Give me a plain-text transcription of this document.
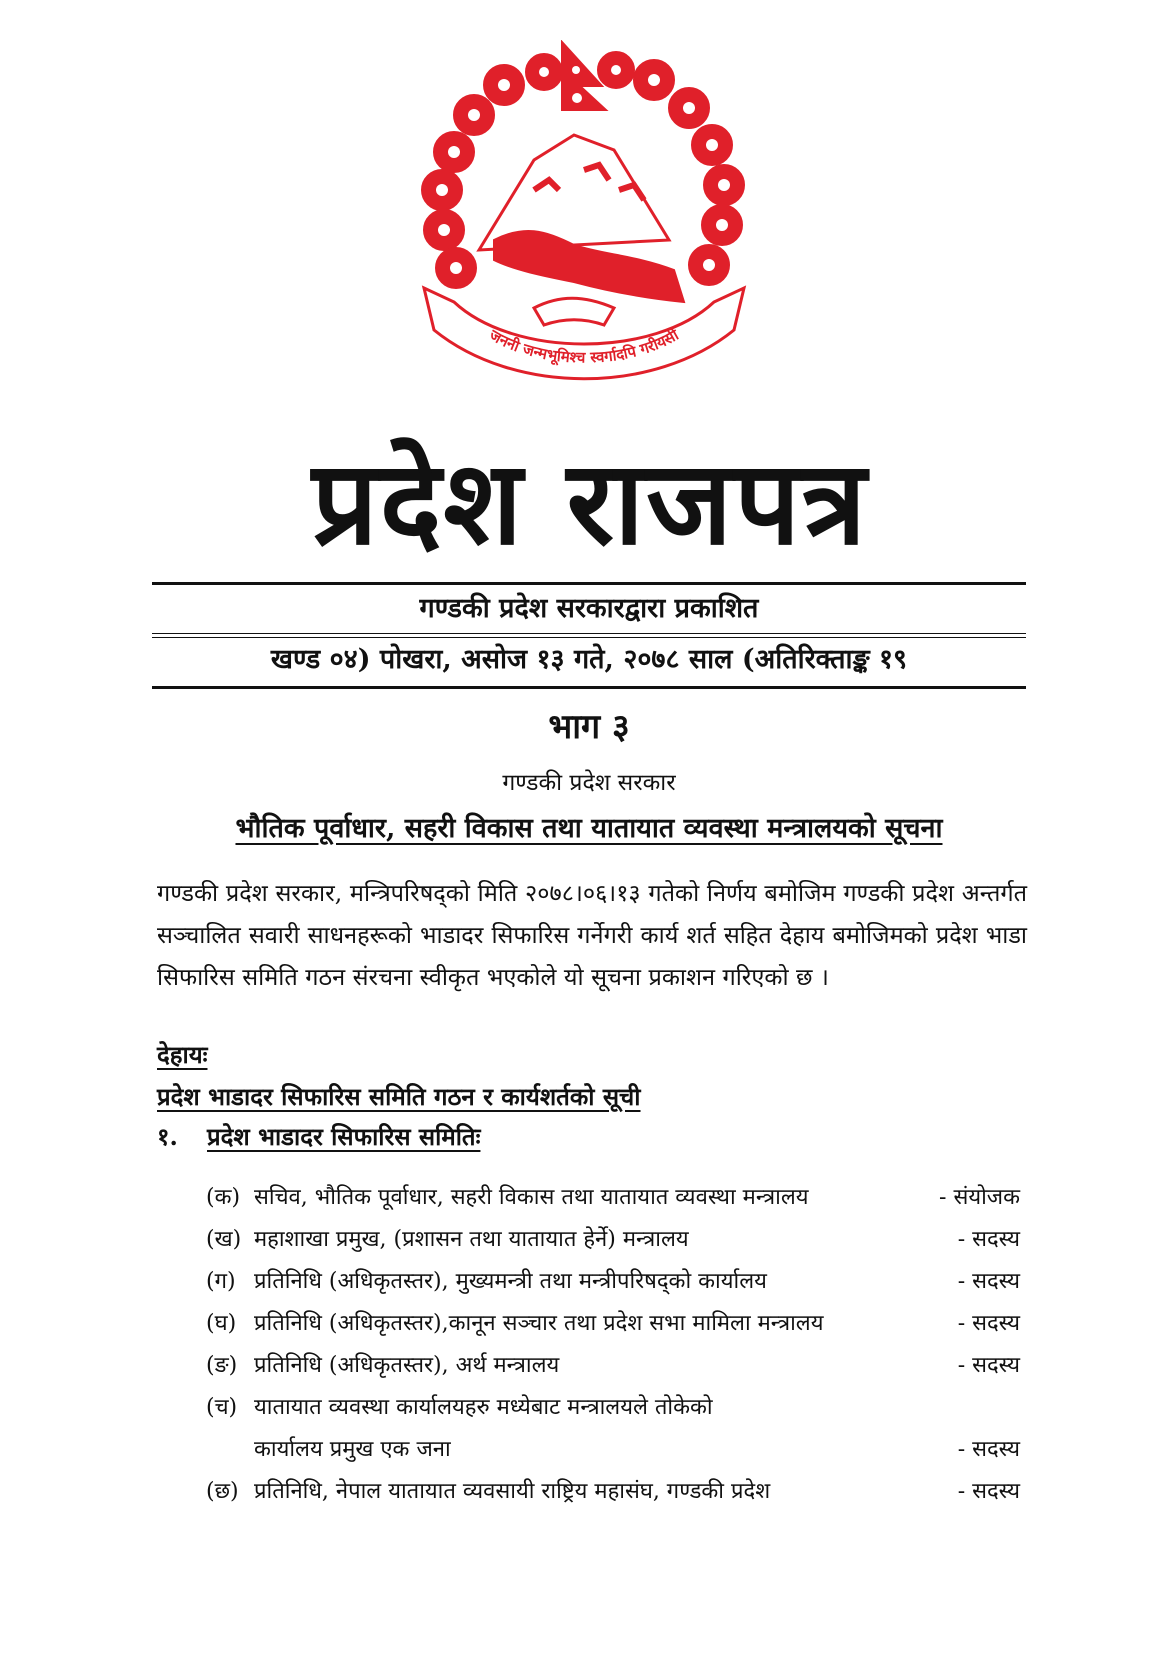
जननी जन्मभूमिश्च स्वर्गादपि गरीयसी
प्रदेश राजपत्र
गण्डकी प्रदेश सरकारद्वारा प्रकाशित
खण्ड ०४) पोखरा, असोज १३ गते, २०७८ साल (अतिरिक्ताङ्क १९
भाग ३
गण्डकी प्रदेश सरकार
भौतिक पूर्वाधार, सहरी विकास तथा यातायात व्यवस्था मन्त्रालयको सूचना
गण्डकी प्रदेश सरकार, मन्त्रिपरिषद्को मिति २०७८।०६।१३ गतेको निर्णय बमोजिम गण्डकी प्रदेश अन्तर्गत सञ्चालित सवारी साधनहरूको भाडादर सिफारिस गर्नेगरी कार्य शर्त सहित देहाय बमोजिमको प्रदेश भाडा सिफारिस समिति गठन संरचना स्वीकृत भएकोले यो सूचना प्रकाशन गरिएको छ ।
देहायः
प्रदेश भाडादर सिफारिस समिति गठन र कार्यशर्तको सूची
१. प्रदेश भाडादर सिफारिस समितिः
(क) सचिव, भौतिक पूर्वाधार, सहरी विकास तथा यातायात व्यवस्था मन्त्रालय	- संयोजक
(ख) महाशाखा प्रमुख, (प्रशासन तथा यातायात हेर्ने) मन्त्रालय	- सदस्य
(ग) प्रतिनिधि (अधिकृतस्तर), मुख्यमन्त्री तथा मन्त्रीपरिषद्को कार्यालय	- सदस्य
(घ) प्रतिनिधि (अधिकृतस्तर),कानून सञ्चार तथा प्रदेश सभा मामिला मन्त्रालय	- सदस्य
(ङ) प्रतिनिधि (अधिकृतस्तर), अर्थ मन्त्रालय	- सदस्य
(च) यातायात व्यवस्था कार्यालयहरु मध्येबाट मन्त्रालयले तोकेको
कार्यालय प्रमुख एक जना	- सदस्य
(छ) प्रतिनिधि, नेपाल यातायात व्यवसायी राष्ट्रिय महासंघ, गण्डकी प्रदेश	- सदस्य
